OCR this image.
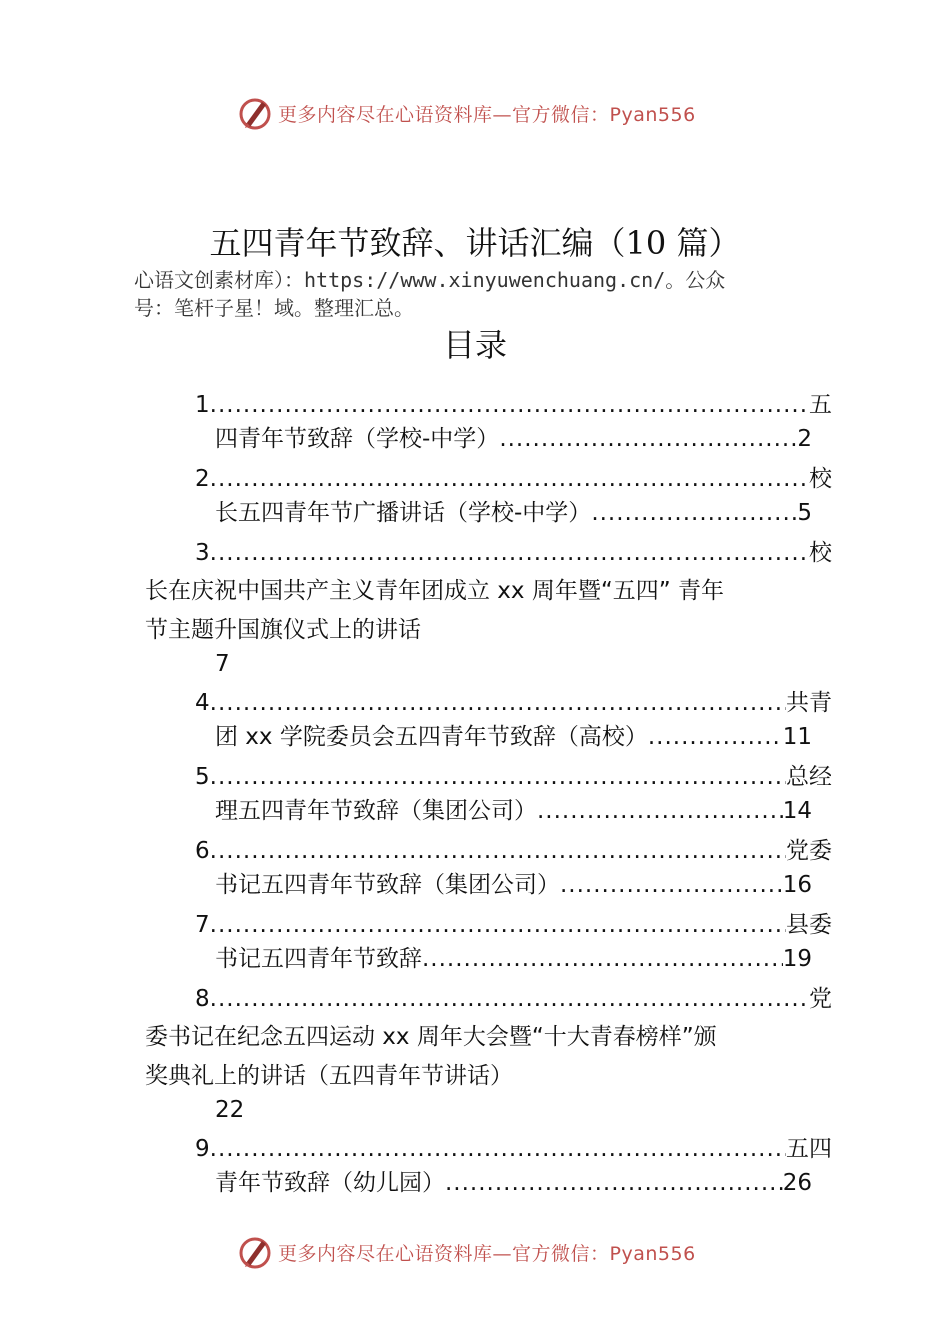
更多内容尽在心语资料库—官方微信：Pyan556
五四青年节致辞、讲话汇编（10 篇）
心语文创素材库）：https://www.xinyuwenchuang.cn/。公众
号：笔杆子星！域。整理汇总。
目录
1 .....	五
四青年节致辞（学校-中学） .....	2
2 .....	校
长五四青年节广播讲话（学校-中学） .....	5
3 .....	校
长在庆祝中国共产主义青年团成立 xx 周年暨“五四” 青年
节主题升国旗仪式上的讲话
7
4 .....	共青
团 xx 学院委员会五四青年节致辞（高校） .....	11
5 .....	总经
理五四青年节致辞（集团公司） .....	14
6 .....	党委
书记五四青年节致辞（集团公司） .....	16
7 .....	县委
书记五四青年节致辞 .....	19
8 .....	党
委书记在纪念五四运动 xx 周年大会暨“十大青春榜样”颁
奖典礼上的讲话（五四青年节讲话）
22
9 .....	五四
青年节致辞（幼儿园） .....	26
更多内容尽在心语资料库—官方微信：Pyan556
